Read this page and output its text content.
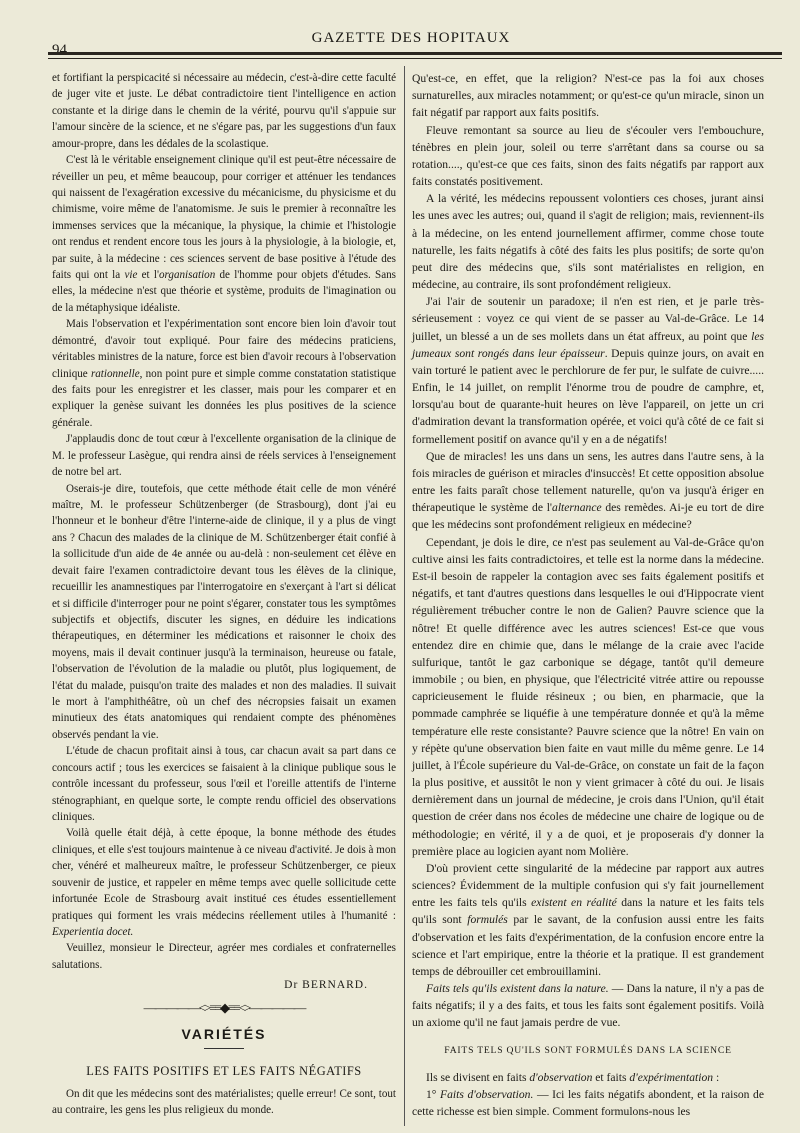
94
GAZETTE DES HOPITAUX

et fortifiant la perspicacité si nécessaire au médecin, c'est-à-dire cette faculté de juger vite et juste. Le débat contradictoire tient l'intelligence en action constante et la dirige dans le chemin de la vérité, pourvu qu'il s'appuie sur l'amour sincère de la science, et ne s'égare pas, par les suggestions d'un faux amour-propre, dans les dédales de la scolastique.

C'est là le véritable enseignement clinique qu'il est peut-être nécessaire de réveiller un peu, et même beaucoup, pour corriger et atténuer les tendances qui naissent de l'exagération excessive du mécanicisme, du physicisme et du chimisme, voire même de l'anatomisme. Je suis le premier à reconnaître les immenses services que la mécanique, la physique, la chimie et l'histologie ont rendus et rendent encore tous les jours à la physiologie, à la biologie, et, par suite, à la médecine : ces sciences servent de base positive à l'étude des faits qui ont la vie et l'organisation de l'homme pour objets d'études. Sans elles, la médecine n'est que théorie et système, produits de l'imagination ou de la métaphysique idéaliste.

Mais l'observation et l'expérimentation sont encore bien loin d'avoir tout démontré, d'avoir tout expliqué. Pour faire des médecins praticiens, véritables ministres de la nature, force est bien d'avoir recours à l'observation clinique rationnelle, non point pure et simple comme constatation statistique des faits pour les enregistrer et les classer, mais pour les comparer et en expliquer la genèse suivant les données les plus positives de la science générale.

J'applaudis donc de tout cœur à l'excellente organisation de la clinique de M. le professeur Lasègue, qui rendra ainsi de réels services à l'enseignement de notre bel art.

Oserais-je dire, toutefois, que cette méthode était celle de mon vénéré maître, M. le professeur Schützenberger (de Strasbourg), dont j'ai eu l'honneur et le bonheur d'être l'interne-aide de clinique, il y a plus de vingt ans ? Chacun des malades de la clinique de M. Schützenberger était confié à la sollicitude d'un aide de 4e année ou au-delà : non-seulement cet élève en devait faire l'examen contradictoire devant tous les élèves de la clinique, recueillir les anamnestiques par l'interrogatoire en s'exerçant à l'art si délicat et si difficile d'interroger pour ne point s'égarer, constater tous les symptômes subjectifs et objectifs, discuter les signes, en déduire les indications thérapeutiques, en déterminer les médications et raisonner le choix des moyens, mais il devait continuer jusqu'à la terminaison, heureuse ou fatale, l'observation de l'évolution de la maladie ou plutôt, plus logiquement, de l'état du malade, puisqu'on traite des malades et non des maladies. Il suivait le mort à l'amphithéâtre, où un chef des nécropsies faisait un examen minutieux des états anatomiques qui rendaient compte des phénomènes observés pendant la vie.

L'étude de chacun profitait ainsi à tous, car chacun avait sa part dans ce concours actif ; tous les exercices se faisaient à la clinique publique sous le contrôle incessant du professeur, sous l'œil et l'oreille attentifs de l'interne sténographiant, en quelque sorte, le compte rendu officiel des observations cliniques.

Voilà quelle était déjà, à cette époque, la bonne méthode des études cliniques, et elle s'est toujours maintenue à ce niveau d'activité. Je dois à mon cher, vénéré et malheureux maître, le professeur Schützenberger, ce pieux souvenir de justice, et rappeler en même temps avec quelle sollicitude cette infortunée Ecole de Strasbourg avait institué ces études essentiellement pratiques qui forment les vrais médecins réellement utiles à l'humanité : Experientia docet.

Veuillez, monsieur le Directeur, agréer mes cordiales et confraternelles salutations.

Dr BERNARD.
—————<>≡≡◆≡≡<>—————
VARIÉTÉS
LES FAITS POSITIFS ET LES FAITS NÉGATIFS

On dit que les médecins sont des matérialistes; quelle erreur! Ce sont, tout au contraire, les gens les plus religieux du monde.

Qu'est-ce, en effet, que la religion? N'est-ce pas la foi aux choses surnaturelles, aux miracles notamment; or qu'est-ce qu'un miracle, sinon un fait négatif par rapport aux faits positifs.

Fleuve remontant sa source au lieu de s'écouler vers l'embouchure, ténèbres en plein jour, soleil ou terre s'arrêtant dans sa course ou sa rotation...., qu'est-ce que ces faits, sinon des faits négatifs par rapport aux faits constatés positivement.

A la vérité, les médecins repoussent volontiers ces choses, jurant ainsi les unes avec les autres; oui, quand il s'agit de religion; mais, reviennent-ils à la médecine, on les entend journellement affirmer, comme chose toute naturelle, les faits négatifs à côté des faits les plus positifs; de sorte qu'on peut dire des médecins que, s'ils sont matérialistes en religion, en médecine, au contraire, ils sont profondément religieux.

J'ai l'air de soutenir un paradoxe; il n'en est rien, et je parle très-sérieusement : voyez ce qui vient de se passer au Val-de-Grâce. Le 14 juillet, un blessé a un de ses mollets dans un état affreux, au point que les jumeaux sont rongés dans leur épaisseur. Depuis quinze jours, on avait en vain torturé le patient avec le perchlorure de fer pur, le sulfate de cuivre..... Enfin, le 14 juillet, on remplit l'énorme trou de poudre de camphre, et, lorsqu'au bout de quarante-huit heures on lève l'appareil, on jette un cri d'admiration devant la transformation opérée, et voici qu'à côté de ce fait si formellement positif on avance qu'il y en a de négatifs!

Que de miracles! les uns dans un sens, les autres dans l'autre sens, à la fois miracles de guérison et miracles d'insuccès! Et cette opposition absolue entre les faits paraît chose tellement naturelle, qu'on va jusqu'à ériger en thérapeutique le système de l'alternance des remèdes. Ai-je eu tort de dire que les médecins sont profondément religieux en médecine?

Cependant, je dois le dire, ce n'est pas seulement au Val-de-Grâce qu'on cultive ainsi les faits contradictoires, et telle est la norme dans la médecine. Est-il besoin de rappeler la contagion avec ses faits également positifs et négatifs, et tant d'autres questions dans lesquelles le oui d'Hippocrate vient régulièrement trébucher contre le non de Galien? Pauvre science que la nôtre! Et quelle différence avec les autres sciences! Est-ce que vous entendez dire en chimie que, dans le mélange de la craie avec l'acide sulfurique, tantôt le gaz carbonique se dégage, tantôt qu'il demeure immobile ; ou bien, en physique, que l'électricité vitrée attire ou repousse capricieusement le fluide résineux ; ou bien, en pharmacie, que la pommade camphrée se liquéfie à une température donnée et qu'à la même température elle reste consistante? Pauvre science que la nôtre! En vain on y répète qu'une observation bien faite en vaut mille du même genre. Le 14 juillet, à l'École supérieure du Val-de-Grâce, on constate un fait de la façon la plus positive, et aussitôt le non y vient grimacer à côté du oui. Je lisais dernièrement dans un journal de médecine, je crois dans l'Union, qu'il était question de créer dans nos écoles de médecine une chaire de logique ou de méthodologie; en vérité, il y a de quoi, et je proposerais d'y donner la première place au logicien ayant nom Molière.

D'où provient cette singularité de la médecine par rapport aux autres sciences? Évidemment de la multiple confusion qui s'y fait journellement entre les faits tels qu'ils existent en réalité dans la nature et les faits tels qu'ils sont formulés par le savant, de la confusion aussi entre les faits d'observation et les faits d'expérimentation, de la confusion encore entre la science et l'art empirique, entre la théorie et la pratique. Il est grandement temps de débrouiller cet embrouillamini.

Faits tels qu'ils existent dans la nature. — Dans la nature, il n'y a pas de faits négatifs; il y a des faits, et tous les faits sont également positifs. Voilà un axiome qu'il ne faut jamais perdre de vue.

FAITS TELS QU'ILS SONT FORMULÉS DANS LA SCIENCE

Ils se divisent en faits d'observation et faits d'expérimentation :

1° Faits d'observation. — Ici les faits négatifs abondent, et la raison de cette richesse est bien simple. Comment formulons-nous les
